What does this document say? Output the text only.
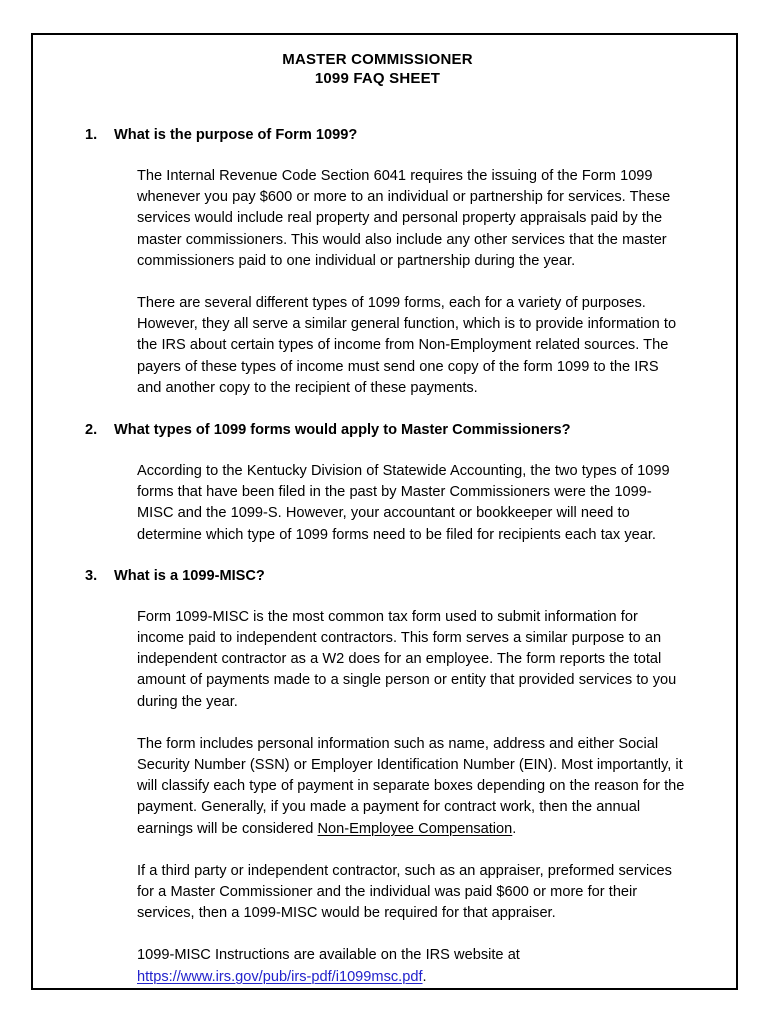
MASTER COMMISSIONER
1099 FAQ SHEET
1. What is the purpose of Form 1099?

The Internal Revenue Code Section 6041 requires the issuing of the Form 1099 whenever you pay $600 or more to an individual or partnership for services. These services would include real property and personal property appraisals paid by the master commissioners. This would also include any other services that the master commissioners paid to one individual or partnership during the year.

There are several different types of 1099 forms, each for a variety of purposes. However, they all serve a similar general function, which is to provide information to the IRS about certain types of income from Non-Employment related sources. The payers of these types of income must send one copy of the form 1099 to the IRS and another copy to the recipient of these payments.

2. What types of 1099 forms would apply to Master Commissioners?

According to the Kentucky Division of Statewide Accounting, the two types of 1099 forms that have been filed in the past by Master Commissioners were the 1099-MISC and the 1099-S. However, your accountant or bookkeeper will need to determine which type of 1099 forms need to be filed for recipients each tax year.

3. What is a 1099-MISC?

Form 1099-MISC is the most common tax form used to submit information for income paid to independent contractors. This form serves a similar purpose to an independent contractor as a W2 does for an employee. The form reports the total amount of payments made to a single person or entity that provided services to you during the year.

The form includes personal information such as name, address and either Social Security Number (SSN) or Employer Identification Number (EIN). Most importantly, it will classify each type of payment in separate boxes depending on the reason for the payment. Generally, if you made a payment for contract work, then the annual earnings will be considered Non-Employee Compensation.

If a third party or independent contractor, such as an appraiser, preformed services for a Master Commissioner and the individual was paid $600 or more for their services, then a 1099-MISC would be required for that appraiser.

1099-MISC Instructions are available on the IRS website at https://www.irs.gov/pub/irs-pdf/i1099msc.pdf.
